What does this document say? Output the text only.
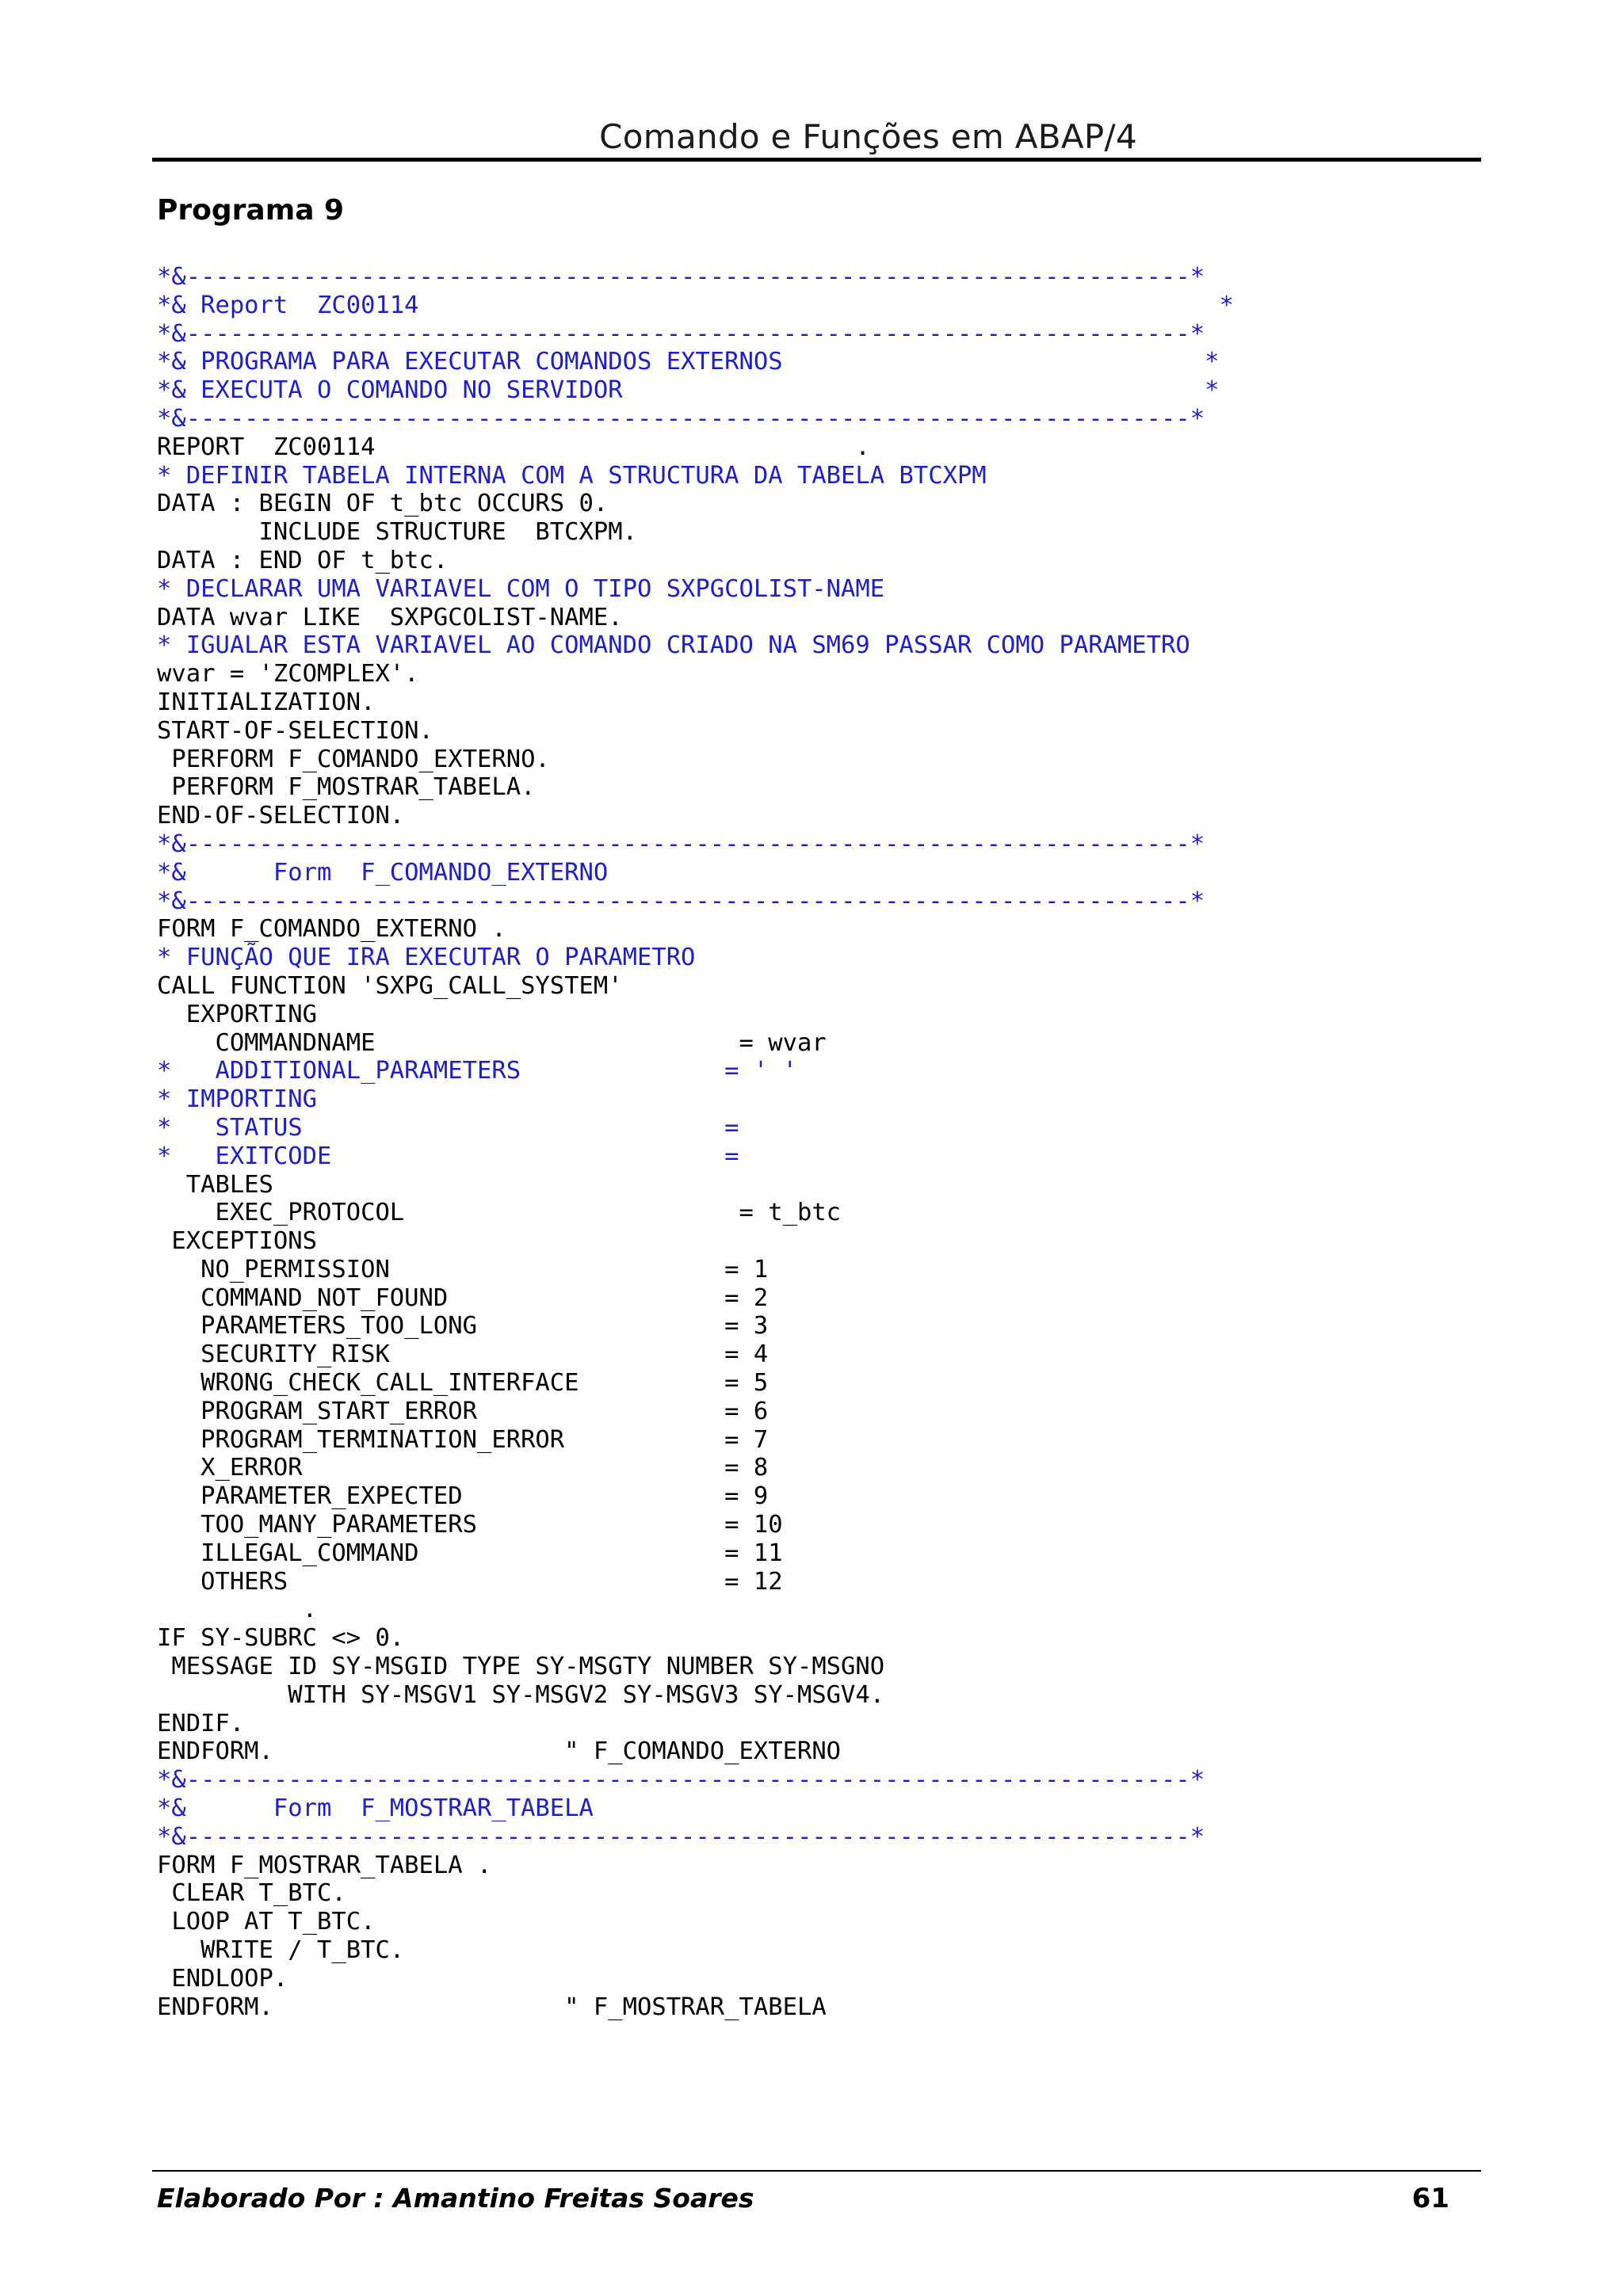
Comando e Funções em ABAP/4
Programa 9
*&---------------------------------------------------------------------*
*& Report  ZC00114                                                       *
*&---------------------------------------------------------------------*
*& PROGRAMA PARA EXECUTAR COMANDOS EXTERNOS                             *
*& EXECUTA O COMANDO NO SERVIDOR                                        *
*&---------------------------------------------------------------------*
REPORT  ZC00114                                 .
* DEFINIR TABELA INTERNA COM A STRUCTURA DA TABELA BTCXPM
DATA : BEGIN OF t_btc OCCURS 0.
INCLUDE STRUCTURE  BTCXPM.
DATA : END OF t_btc.
* DECLARAR UMA VARIAVEL COM O TIPO SXPGCOLIST-NAME
DATA wvar LIKE  SXPGCOLIST-NAME.
* IGUALAR ESTA VARIAVEL AO COMANDO CRIADO NA SM69 PASSAR COMO PARAMETRO
wvar = 'ZCOMPLEX'.
INITIALIZATION.
START-OF-SELECTION.
PERFORM F_COMANDO_EXTERNO.
PERFORM F_MOSTRAR_TABELA.
END-OF-SELECTION.
*&---------------------------------------------------------------------*
*&      Form  F_COMANDO_EXTERNO
*&---------------------------------------------------------------------*
FORM F_COMANDO_EXTERNO .
* FUNÇÃO QUE IRA EXECUTAR O PARAMETRO
CALL FUNCTION 'SXPG_CALL_SYSTEM'
EXPORTING
COMMANDNAME                         = wvar
*   ADDITIONAL_PARAMETERS              = ' '
* IMPORTING
*   STATUS                             =
*   EXITCODE                           =
TABLES
EXEC_PROTOCOL                       = t_btc
EXCEPTIONS
NO_PERMISSION                       = 1
COMMAND_NOT_FOUND                   = 2
PARAMETERS_TOO_LONG                 = 3
SECURITY_RISK                       = 4
WRONG_CHECK_CALL_INTERFACE          = 5
PROGRAM_START_ERROR                 = 6
PROGRAM_TERMINATION_ERROR           = 7
X_ERROR                             = 8
PARAMETER_EXPECTED                  = 9
TOO_MANY_PARAMETERS                 = 10
ILLEGAL_COMMAND                     = 11
OTHERS                              = 12
.
IF SY-SUBRC <> 0.
MESSAGE ID SY-MSGID TYPE SY-MSGTY NUMBER SY-MSGNO
WITH SY-MSGV1 SY-MSGV2 SY-MSGV3 SY-MSGV4.
ENDIF.
ENDFORM.                    " F_COMANDO_EXTERNO
*&---------------------------------------------------------------------*
*&      Form  F_MOSTRAR_TABELA
*&---------------------------------------------------------------------*
FORM F_MOSTRAR_TABELA .
CLEAR T_BTC.
LOOP AT T_BTC.
WRITE / T_BTC.
ENDLOOP.
ENDFORM.                    " F_MOSTRAR_TABELA
Elaborado Por : Amantino Freitas Soares	61
